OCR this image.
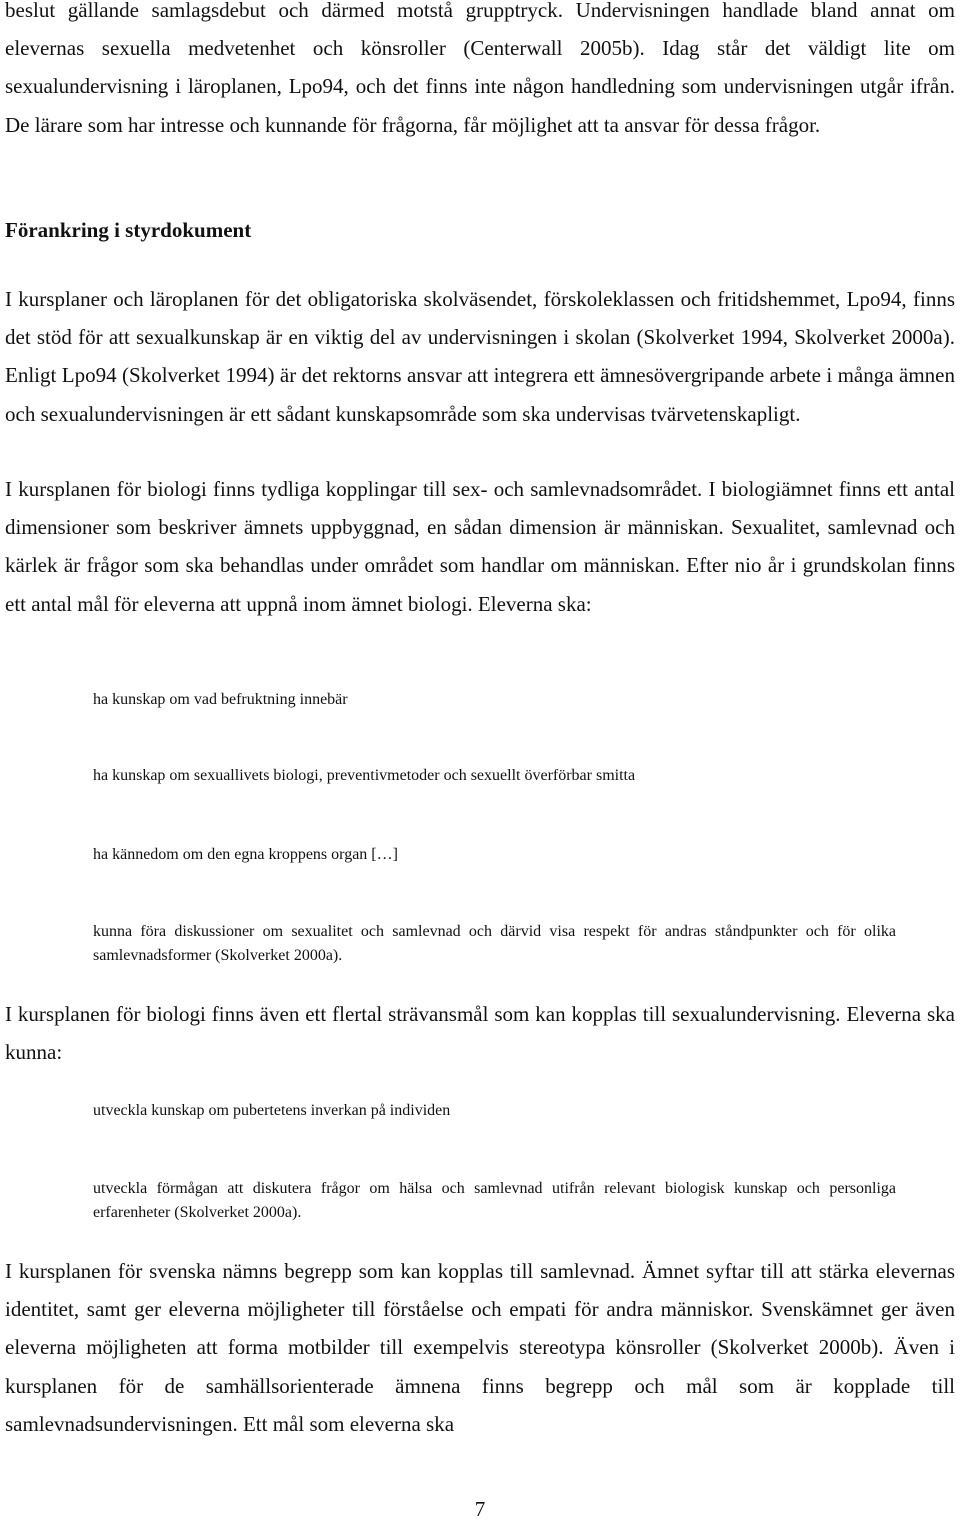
beslut gällande samlagsdebut och därmed motstå grupptryck. Undervisningen handlade bland annat om elevernas sexuella medvetenhet och könsroller (Centerwall 2005b). Idag står det väldigt lite om sexualundervisning i läroplanen, Lpo94, och det finns inte någon handledning som undervisningen utgår ifrån. De lärare som har intresse och kunnande för frågorna, får möjlighet att ta ansvar för dessa frågor.

Förankring i styrdokument

I kursplaner och läroplanen för det obligatoriska skolväsendet, förskoleklassen och fritidshemmet, Lpo94, finns det stöd för att sexualkunskap är en viktig del av undervisningen i skolan (Skolverket 1994, Skolverket 2000a). Enligt Lpo94 (Skolverket 1994) är det rektorns ansvar att integrera ett ämnesövergripande arbete i många ämnen och sexualundervisningen är ett sådant kunskapsområde som ska undervisas tvärvetenskapligt.

I kursplanen för biologi finns tydliga kopplingar till sex- och samlevnadsområdet. I biologiämnet finns ett antal dimensioner som beskriver ämnets uppbyggnad, en sådan dimension är människan. Sexualitet, samlevnad och kärlek är frågor som ska behandlas under området som handlar om människan. Efter nio år i grundskolan finns ett antal mål för eleverna att uppnå inom ämnet biologi. Eleverna ska:

ha kunskap om vad befruktning innebär

ha kunskap om sexuallivets biologi, preventivmetoder och sexuellt överförbar smitta

ha kännedom om den egna kroppens organ […]

kunna föra diskussioner om sexualitet och samlevnad och därvid visa respekt för andras ståndpunkter och för olika samlevnadsformer (Skolverket 2000a).

I kursplanen för biologi finns även ett flertal strävansmål som kan kopplas till sexualundervisning. Eleverna ska kunna:

utveckla kunskap om pubertetens inverkan på individen

utveckla förmågan att diskutera frågor om hälsa och samlevnad utifrån relevant biologisk kunskap och personliga erfarenheter (Skolverket 2000a).

I kursplanen för svenska nämns begrepp som kan kopplas till samlevnad. Ämnet syftar till att stärka elevernas identitet, samt ger eleverna möjligheter till förståelse och empati för andra människor. Svenskämnet ger även eleverna möjligheten att forma motbilder till exempelvis stereotypa könsroller (Skolverket 2000b). Även i kursplanen för de samhällsorienterade ämnena finns begrepp och mål som är kopplade till samlevnadsundervisningen. Ett mål som eleverna ska

7
